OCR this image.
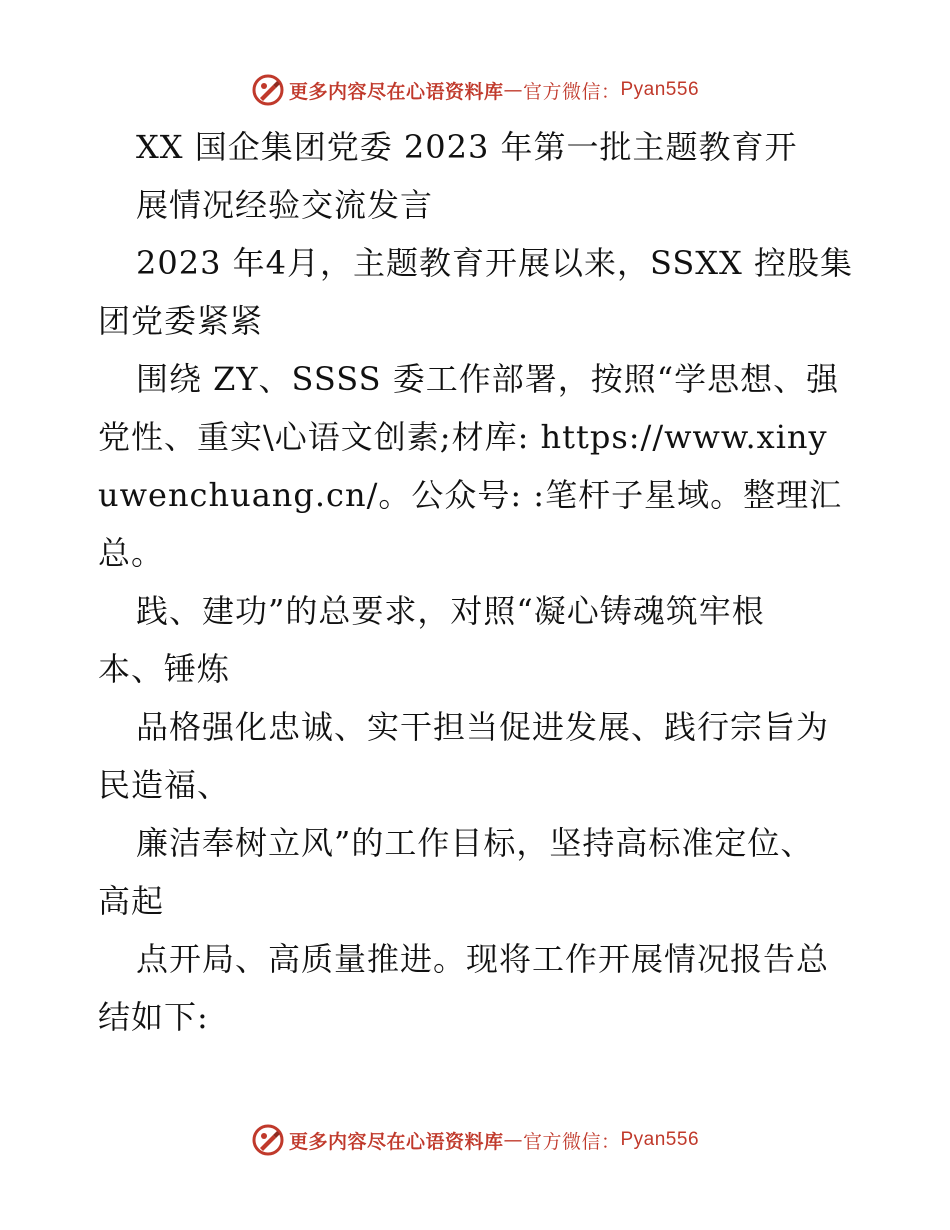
更多内容尽在心语资料库 — 官方微信： Pyan556
XX 国企集团党委 2023 年第一批主题教育开
展情况经验交流发言
2023 年4月，主题教育开展以来，SSXX 控股集
团党委紧紧
围绕 ZY、SSSS 委工作部署，按照“学思想、强
党性、重实\心语文创素;材库: https://www.xiny
uwenchuang.cn/。公众号: :笔杆子星域。整理汇
总。
践、建功”的总要求，对照“凝心铸魂筑牢根
本、锤炼
品格强化忠诚、实干担当促进发展、践行宗旨为
民造福、
廉洁奉树立风”的工作目标，坚持高标准定位、
高起
点开局、高质量推进。现将工作开展情况报告总
结如下:
更多内容尽在心语资料库 — 官方微信： Pyan556
